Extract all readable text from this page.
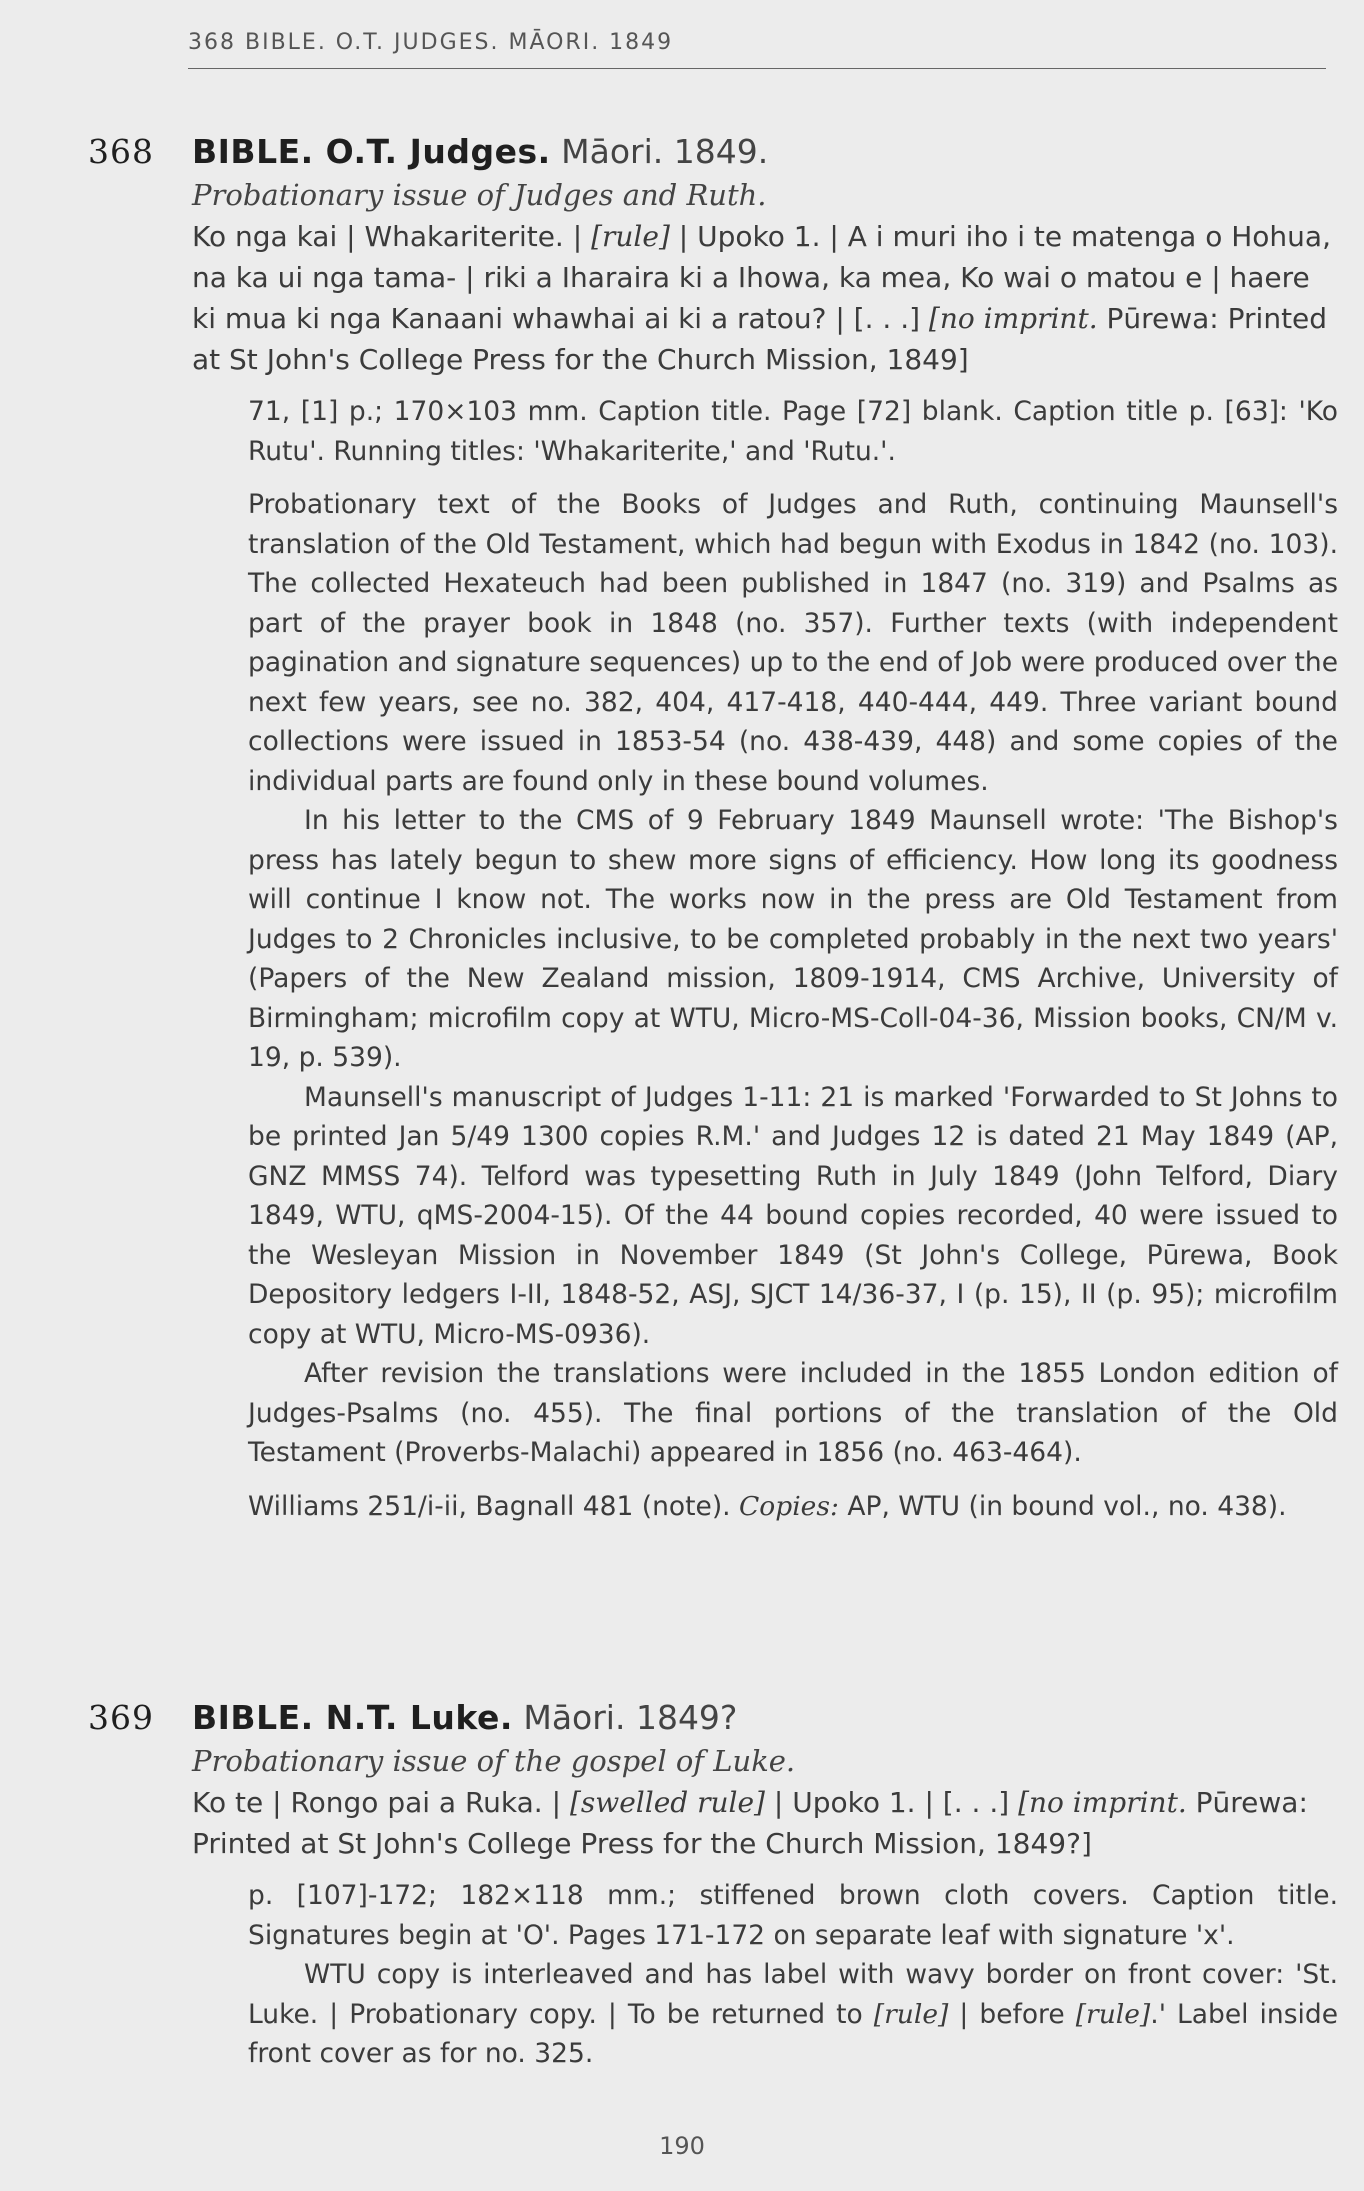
368 BIBLE. O.T. JUDGES. MĀORI. 1849
368	BIBLE. O.T. Judges. Māori. 1849.

Probationary issue of Judges and Ruth.

Ko nga kai | Whakariterite. | [rule] | Upoko 1. | A i muri iho i te matenga o Hohua, na ka ui nga tama- | riki a Iharaira ki a Ihowa, ka mea, Ko wai o matou e | haere ki mua ki nga Kanaani whawhai ai ki a ratou? | [. . .] [no imprint. Pūrewa: Printed at St John's College Press for the Church Mission, 1849]

71, [1] p.; 170×103 mm. Caption title. Page [72] blank. Caption title p. [63]: 'Ko Rutu'. Running titles: 'Whakariterite,' and 'Rutu.'.

Probationary text of the Books of Judges and Ruth, continuing Maunsell's translation of the Old Testament, which had begun with Exodus in 1842 (no. 103). The collected Hexateuch had been published in 1847 (no. 319) and Psalms as part of the prayer book in 1848 (no. 357). Further texts (with independent pagination and signature sequences) up to the end of Job were produced over the next few years, see no. 382, 404, 417-418, 440-444, 449. Three variant bound collections were issued in 1853-54 (no. 438-439, 448) and some copies of the individual parts are found only in these bound volumes.

In his letter to the CMS of 9 February 1849 Maunsell wrote: 'The Bishop's press has lately begun to shew more signs of efficiency. How long its goodness will continue I know not. The works now in the press are Old Testament from Judges to 2 Chronicles inclusive, to be completed probably in the next two years' (Papers of the New Zealand mission, 1809-1914, CMS Archive, University of Birmingham; microfilm copy at WTU, Micro-MS-Coll-04-36, Mission books, CN/M v. 19, p. 539).

Maunsell's manuscript of Judges 1-11: 21 is marked 'Forwarded to St Johns to be printed Jan 5/49 1300 copies R.M.' and Judges 12 is dated 21 May 1849 (AP, GNZ MMSS 74). Telford was typesetting Ruth in July 1849 (John Telford, Diary 1849, WTU, qMS-2004-15). Of the 44 bound copies recorded, 40 were issued to the Wesleyan Mission in November 1849 (St John's College, Pūrewa, Book Depository ledgers I-II, 1848-52, ASJ, SJCT 14/36-37, I (p. 15), II (p. 95); microfilm copy at WTU, Micro-MS-0936).

After revision the translations were included in the 1855 London edition of Judges-Psalms (no. 455). The final portions of the translation of the Old Testament (Proverbs-Malachi) appeared in 1856 (no. 463-464).

Williams 251/i-ii, Bagnall 481 (note). Copies: AP, WTU (in bound vol., no. 438).

369	BIBLE. N.T. Luke. Māori. 1849?

Probationary issue of the gospel of Luke.

Ko te | Rongo pai a Ruka. | [swelled rule] | Upoko 1. | [. . .] [no imprint. Pūrewa: Printed at St John's College Press for the Church Mission, 1849?]

p. [107]-172; 182×118 mm.; stiffened brown cloth covers. Caption title. Signatures begin at 'O'. Pages 171-172 on separate leaf with signature 'x'.

WTU copy is interleaved and has label with wavy border on front cover: 'St. Luke. | Probationary copy. | To be returned to [rule] | before [rule].' Label inside front cover as for no. 325.

190
